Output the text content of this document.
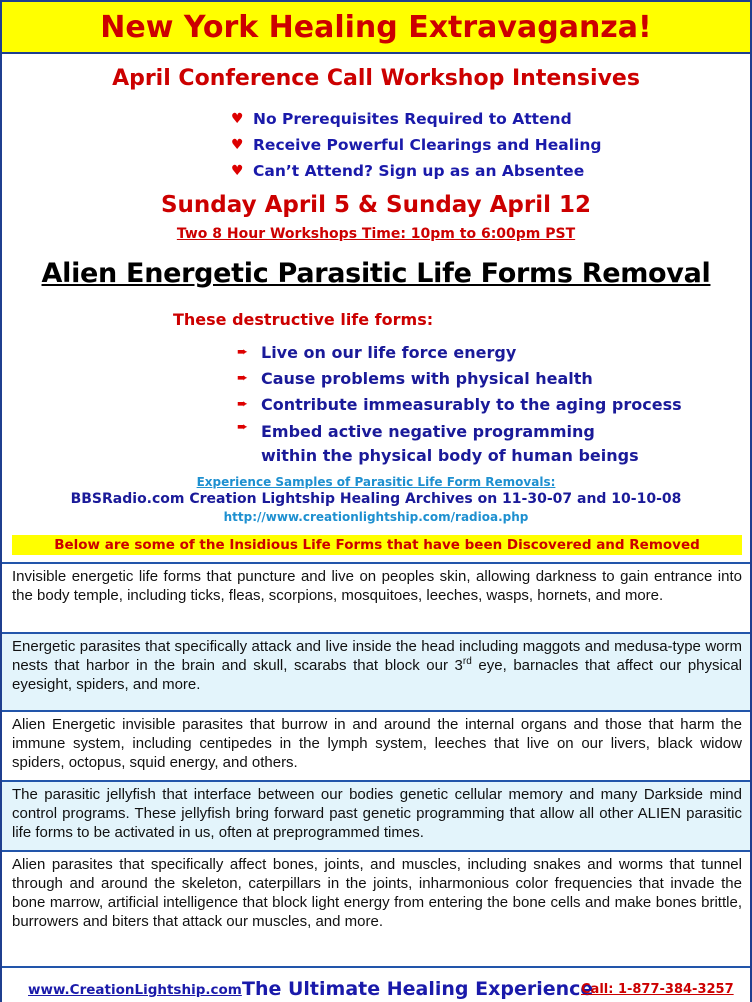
New York Healing Extravaganza!
April Conference Call Workshop Intensives
♥ No Prerequisites Required to Attend
♥ Receive Powerful Clearings and Healing
♥ Can’t Attend? Sign up as an Absentee
Sunday April 5 & Sunday April 12
Two 8 Hour Workshops Time: 10pm to 6:00pm PST
Alien Energetic Parasitic Life Forms Removal
These destructive life forms:
➨ Live on our life force energy
➨ Cause problems with physical health
➨ Contribute immeasurably to the aging process
➨ Embed active negative programming
within the physical body of human beings
Experience Samples of Parasitic Life Form Removals:
BBSRadio.com Creation Lightship Healing Archives on 11-30-07 and 10-10-08
http://www.creationlightship.com/radioa.php
Below are some of the Insidious Life Forms that have been Discovered and Removed
Invisible energetic life forms that puncture and live on peoples skin, allowing darkness to gain entrance into the body temple, including ticks, fleas, scorpions, mosquitoes, leeches, wasps, hornets, and more.
Energetic parasites that specifically attack and live inside the head including maggots and medusa-type worm nests that harbor in the brain and skull, scarabs that block our 3rd eye, barnacles that affect our physical eyesight, spiders, and more.
Alien Energetic invisible parasites that burrow in and around the internal organs and those that harm the immune system, including centipedes in the lymph system, leeches that live on our livers, black widow spiders, octopus, squid energy, and others.
The parasitic jellyfish that interface between our bodies genetic cellular memory and many Darkside mind control programs. These jellyfish bring forward past genetic programming that allow all other ALIEN parasitic life forms to be activated in us, often at preprogrammed times.
Alien parasites that specifically affect bones, joints, and muscles, including snakes and worms that tunnel through and around the skeleton, caterpillars in the joints, inharmonious color frequencies that invade the bone marrow, artificial intelligence that block light energy from entering the bone cells and make bones brittle, burrowers and biters that attack our muscles, and more.
www.CreationLightship.com The Ultimate Healing Experience
Call: 1-877-384-3257
